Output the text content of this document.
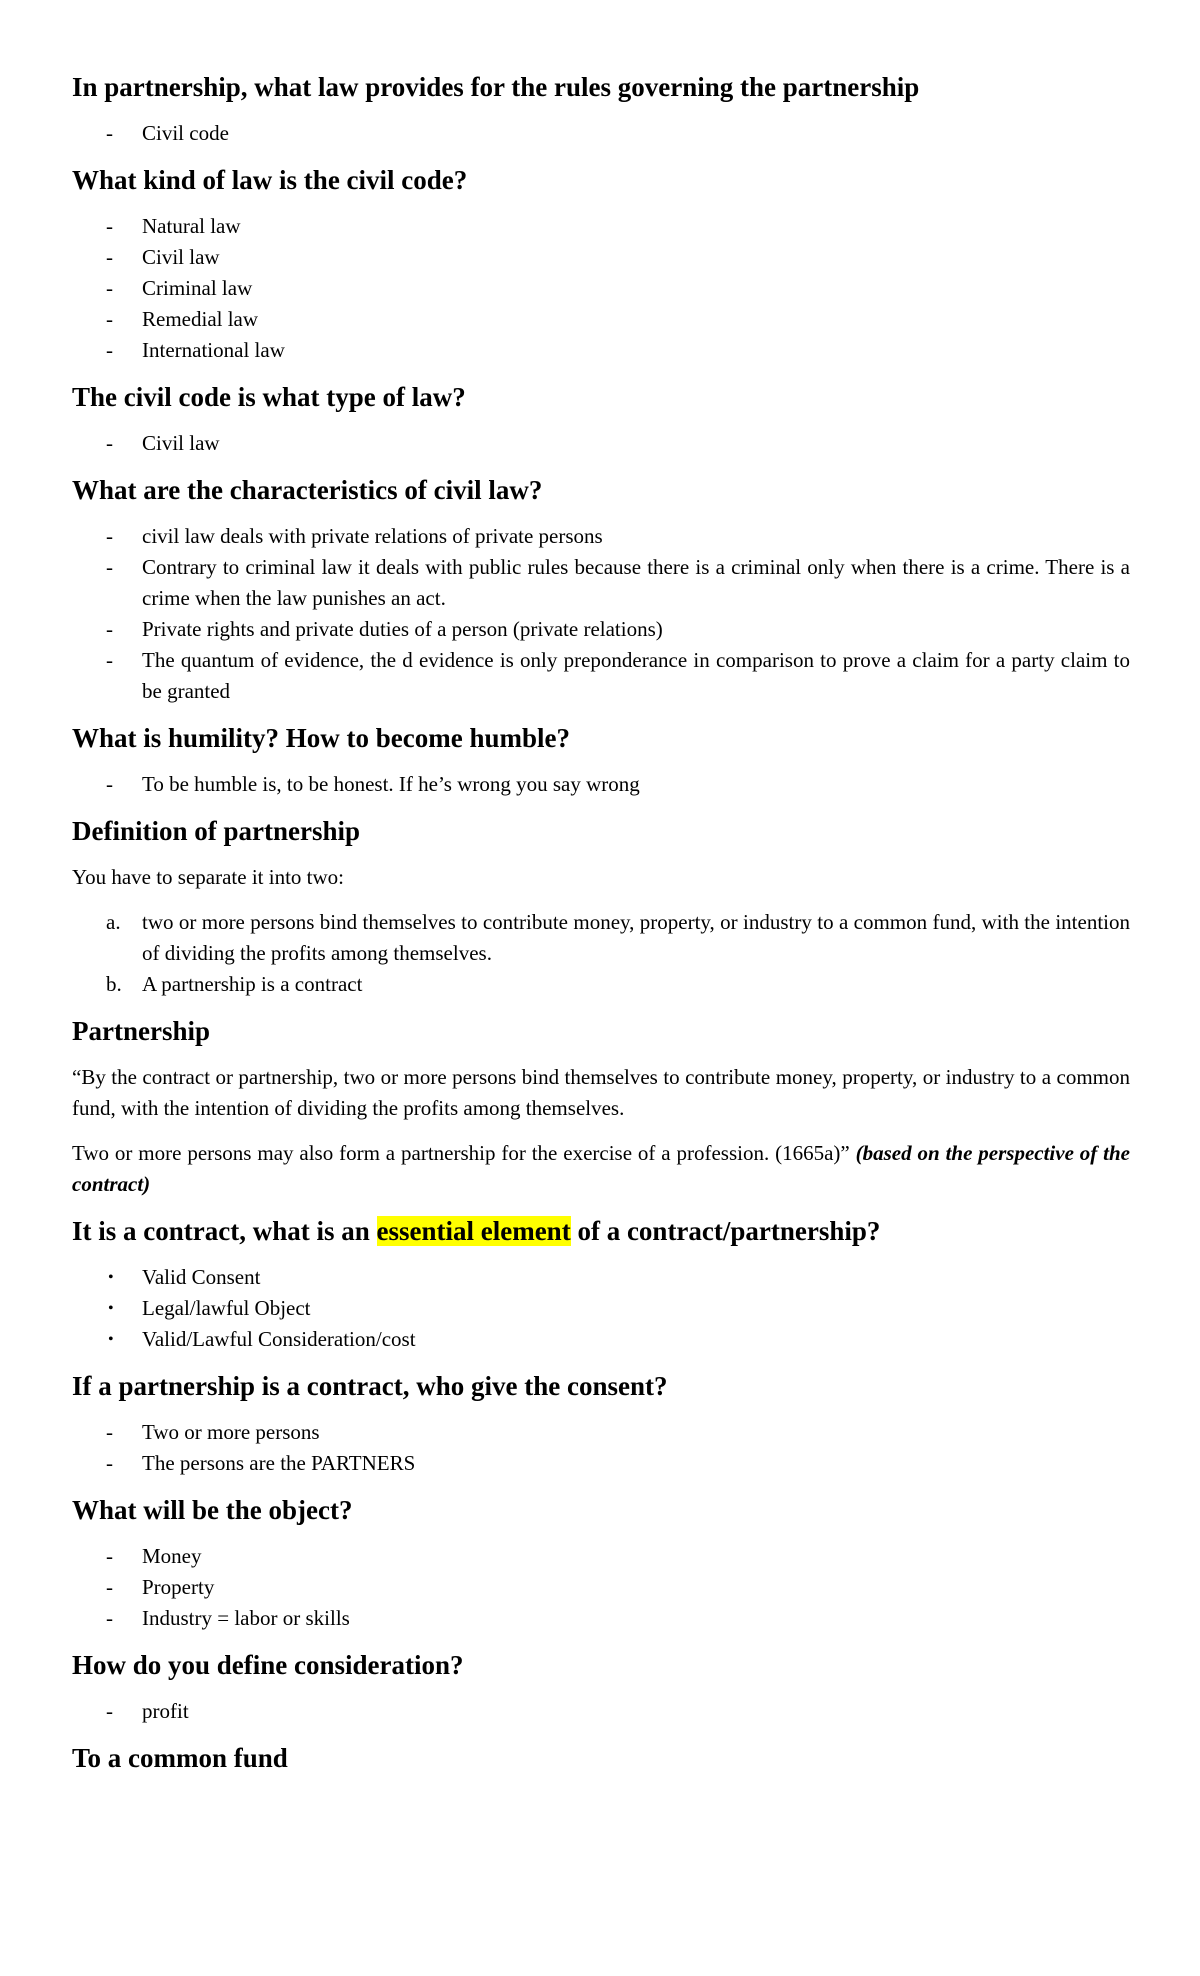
In partnership, what law provides for the rules governing the partnership
- Civil code
What kind of law is the civil code?
- Natural law
- Civil law
- Criminal law
- Remedial law
- International law
The civil code is what type of law?
- Civil law
What are the characteristics of civil law?
- civil law deals with private relations of private persons
- Contrary to criminal law it deals with public rules because there is a criminal only when there is a crime. There is a crime when the law punishes an act.
- Private rights and private duties of a person (private relations)
- The quantum of evidence, the d evidence is only preponderance in comparison to prove a claim for a party claim to be granted
What is humility? How to become humble?
- To be humble is, to be honest. If he’s wrong you say wrong
Definition of partnership

You have to separate it into two:

a. two or more persons bind themselves to contribute money, property, or industry to a common fund, with the intention of dividing the profits among themselves.
b. A partnership is a contract
Partnership

“By the contract or partnership, two or more persons bind themselves to contribute money, property, or industry to a common fund, with the intention of dividing the profits among themselves.

Two or more persons may also form a partnership for the exercise of a profession. (1665a)” (based on the perspective of the contract)

It is a contract, what is an essential element of a contract/partnership?
• Valid Consent
• Legal/lawful Object
• Valid/Lawful Consideration/cost
If a partnership is a contract, who give the consent?
- Two or more persons
- The persons are the PARTNERS
What will be the object?
- Money
- Property
- Industry = labor or skills
How do you define consideration?
- profit
To a common fund
